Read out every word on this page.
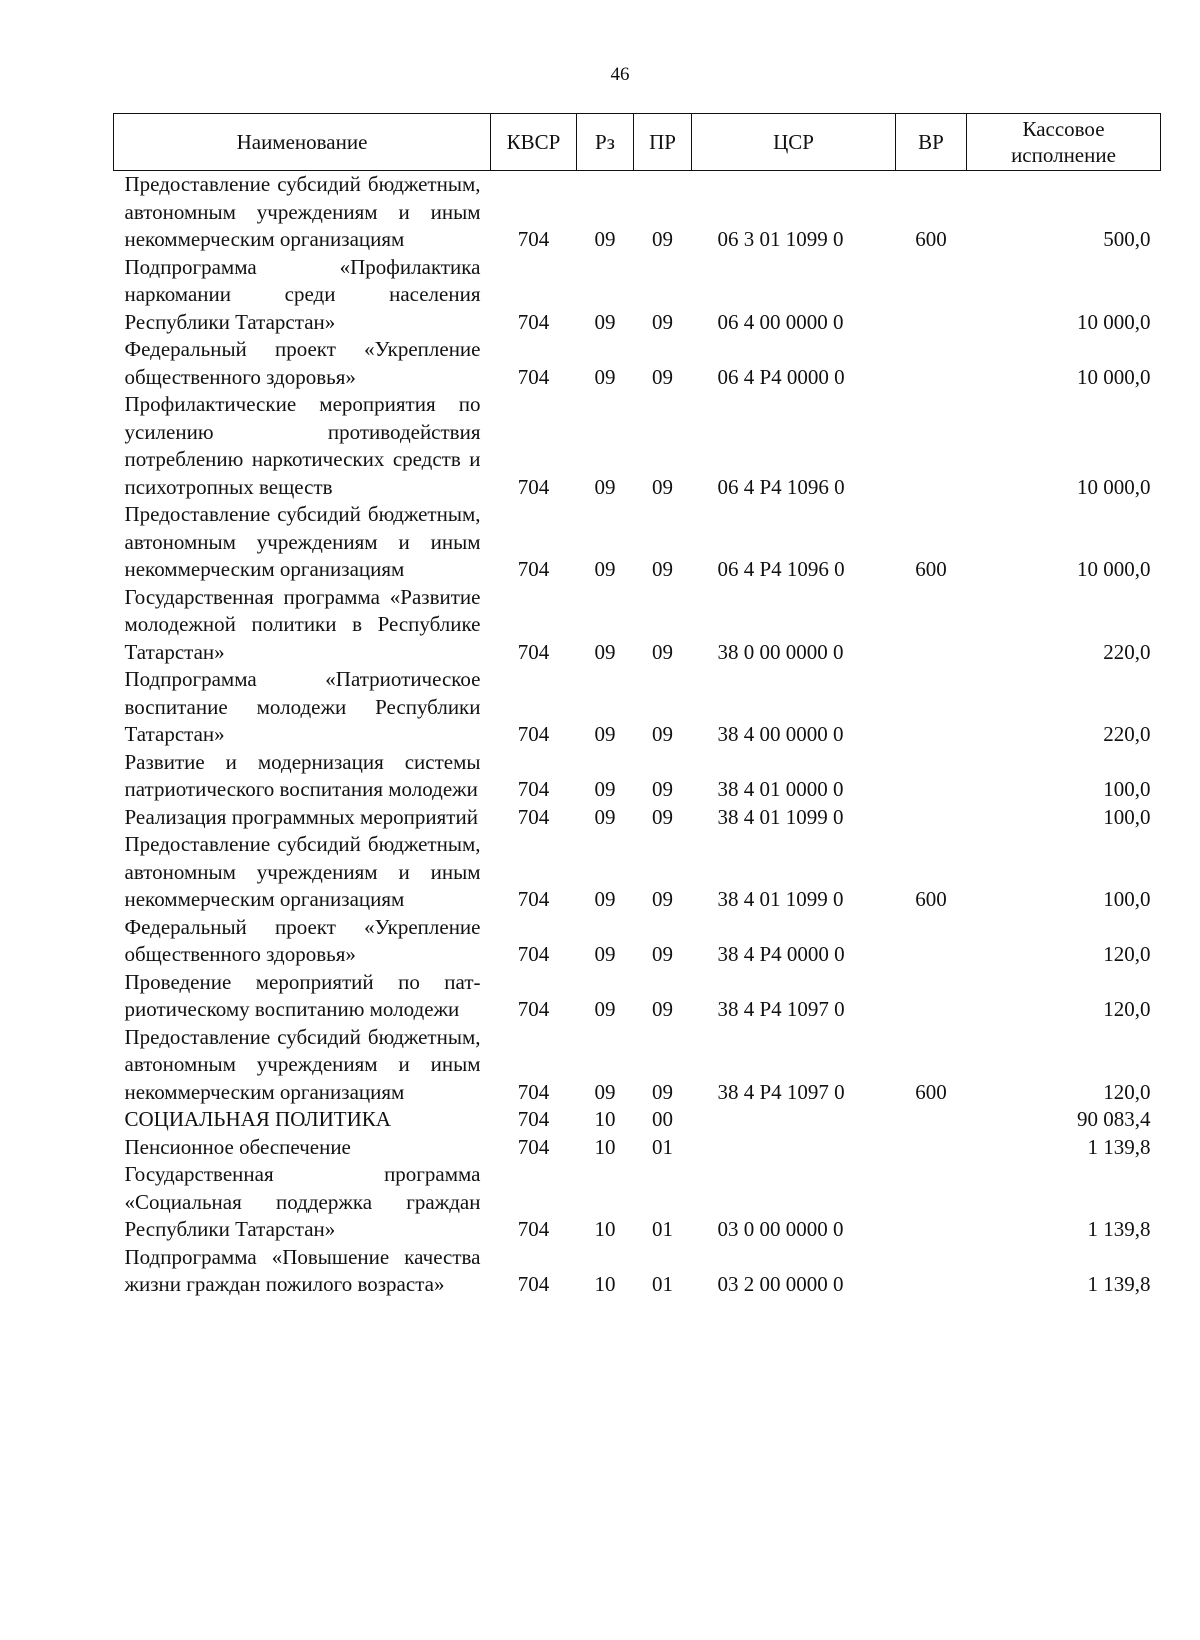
46
Наименование	КВСР	Рз	ПР	ЦСР	ВР	Кассовое
исполнение

Предоставление субсидий бюджетным, автономным учреждениям и иным некоммерческим организациям	704	09	09	06 3 01 1099 0	600	500,0
Подпрограмма «Профилактика наркомании среди населения Республики Татарстан»	704	09	09	06 4 00 0000 0		10 000,0
Федеральный проект «Укрепление общественного здоровья»	704	09	09	06 4 P4 0000 0		10 000,0
Профилактические мероприятия по усилению противодействия потреблению наркотических средств и психотропных веществ	704	09	09	06 4 P4 1096 0		10 000,0
Предоставление субсидий бюджетным, автономным учреждениям и иным некоммерческим организациям	704	09	09	06 4 P4 1096 0	600	10 000,0
Государственная программа «Развитие молодежной политики в Республике Татарстан»	704	09	09	38 0 00 0000 0		220,0
Подпрограмма «Патриотическое воспитание молодежи Республики Татарстан»	704	09	09	38 4 00 0000 0		220,0
Развитие и модернизация системы патриотического воспитания молодежи	704	09	09	38 4 01 0000 0		100,0
Реализация программных мероприятий	704	09	09	38 4 01 1099 0		100,0
Предоставление субсидий бюджетным, автономным учреждениям и иным некоммерческим организациям	704	09	09	38 4 01 1099 0	600	100,0
Федеральный проект «Укрепление общественного здоровья»	704	09	09	38 4 P4 0000 0		120,0
Проведение мероприятий по патриотическому воспитанию молодежи	704	09	09	38 4 P4 1097 0		120,0
Предоставление субсидий бюджетным, автономным учреждениям и иным некоммерческим организациям	704	09	09	38 4 P4 1097 0	600	120,0
СОЦИАЛЬНАЯ ПОЛИТИКА	704	10	00			90 083,4
Пенсионное обеспечение	704	10	01			1 139,8
Государственная программа «Социальная поддержка граждан Республики Татарстан»	704	10	01	03 0 00 0000 0		1 139,8
Подпрограмма «Повышение качества жизни граждан пожилого возраста»	704	10	01	03 2 00 0000 0		1 139,8
